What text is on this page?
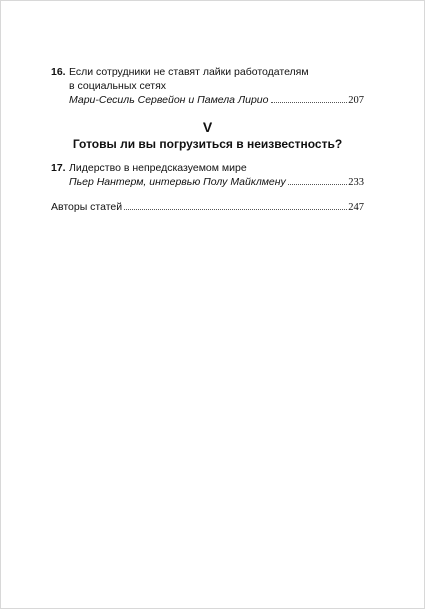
16. Если сотрудники не ставят лайки работодателям
в социальных сетях
Мари-Сесиль Сервейон и Памела Лирио	207
V
Готовы ли вы погрузиться в неизвестность?
17. Лидерство в непредсказуемом мире
Пьер Нантерм, интервью Полу Майклмену	233
Авторы статей	247
